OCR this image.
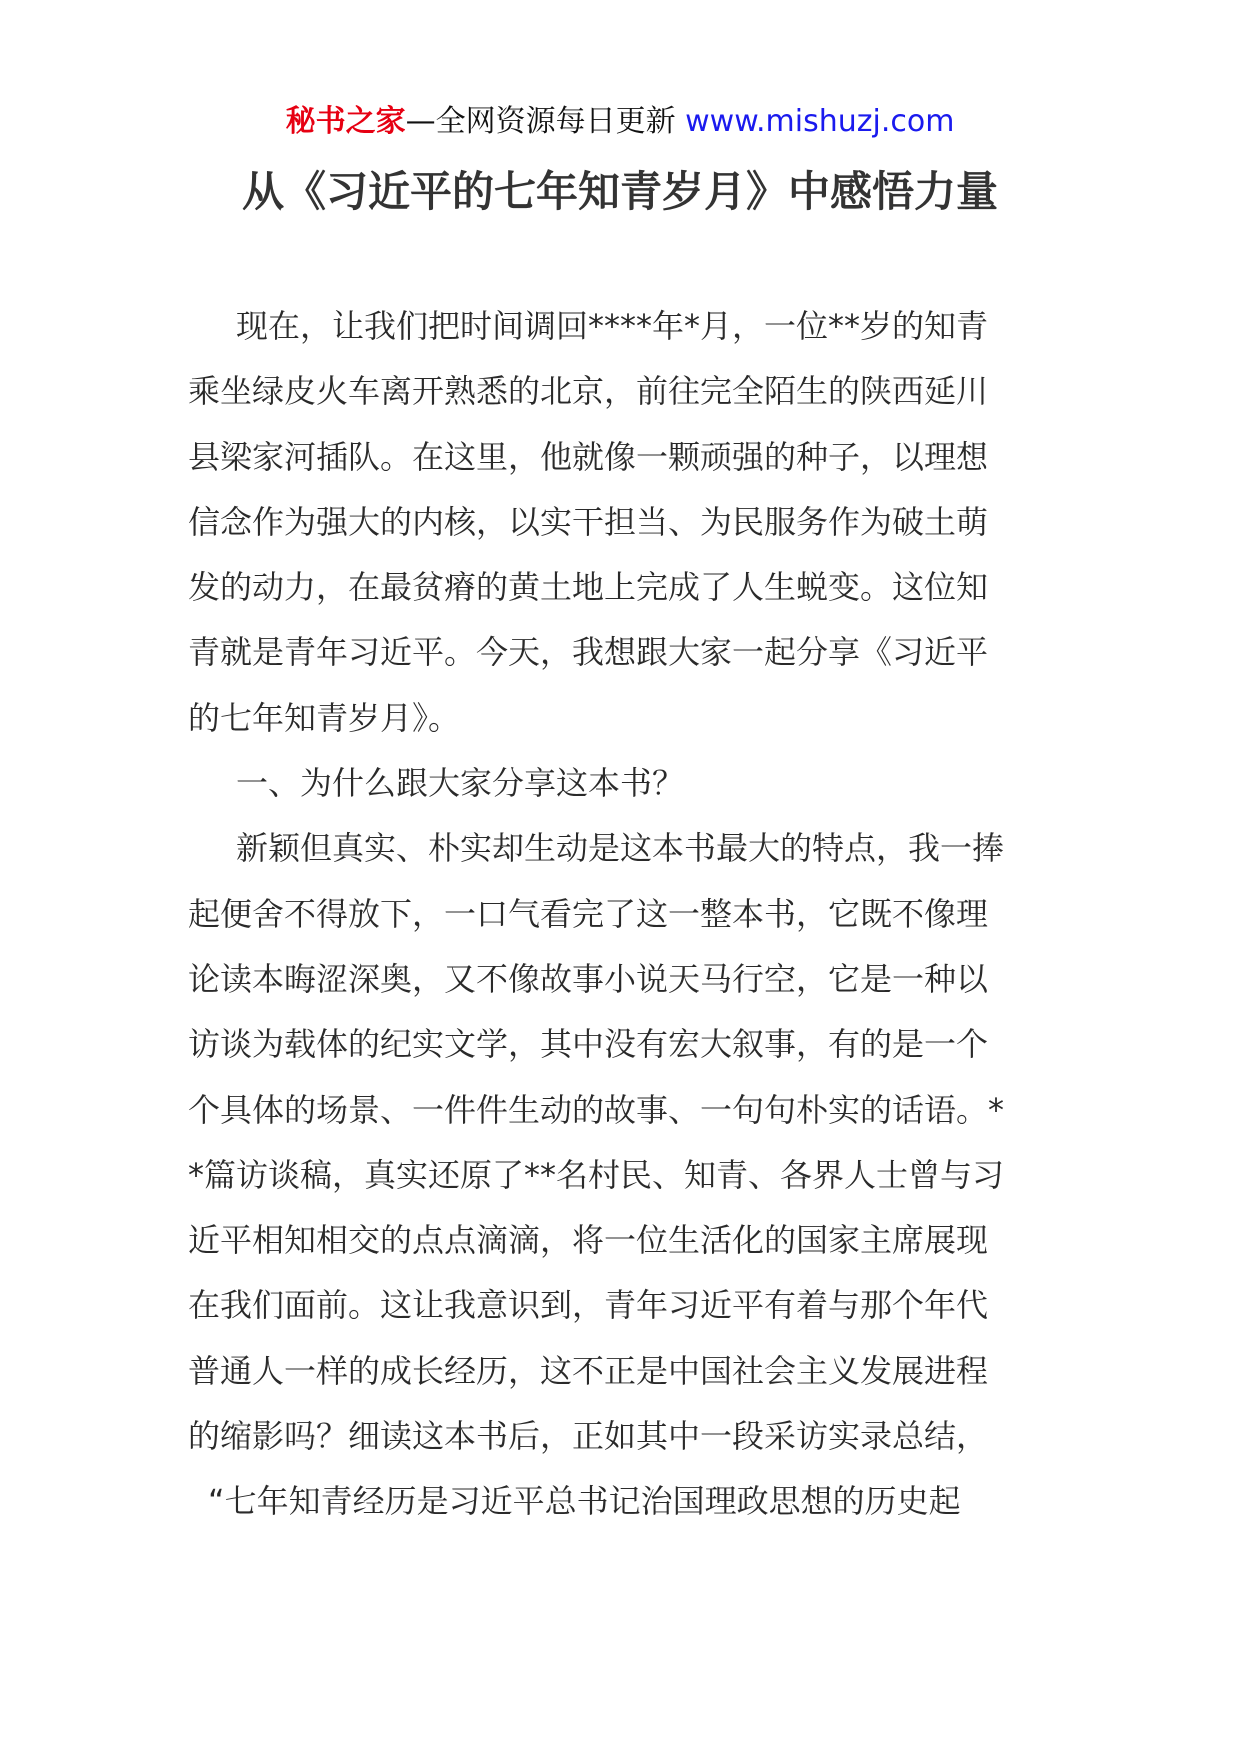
秘书之家—全网资源每日更新 www.mishuzj.com
从《习近平的七年知青岁月》中感悟力量
现在，让我们把时间调回****年*月，一位**岁的知青
乘坐绿皮火车离开熟悉的北京，前往完全陌生的陕西延川
县梁家河插队。在这里，他就像一颗顽强的种子，以理想
信念作为强大的内核，以实干担当、为民服务作为破土萌
发的动力，在最贫瘠的黄土地上完成了人生蜕变。这位知
青就是青年习近平。今天，我想跟大家一起分享《习近平
的七年知青岁月》。
一、为什么跟大家分享这本书？
新颖但真实、朴实却生动是这本书最大的特点，我一捧
起便舍不得放下，一口气看完了这一整本书，它既不像理
论读本晦涩深奥，又不像故事小说天马行空，它是一种以
访谈为载体的纪实文学，其中没有宏大叙事，有的是一个
个具体的场景、一件件生动的故事、一句句朴实的话语。*
*篇访谈稿，真实还原了**名村民、知青、各界人士曾与习
近平相知相交的点点滴滴，将一位生活化的国家主席展现
在我们面前。这让我意识到，青年习近平有着与那个年代
普通人一样的成长经历，这不正是中国社会主义发展进程
的缩影吗？细读这本书后，正如其中一段采访实录总结，
“七年知青经历是习近平总书记治国理政思想的历史起
